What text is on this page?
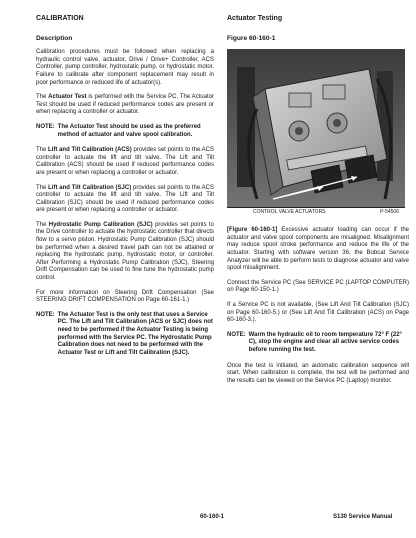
CALIBRATION
Description

Calibration procedures must be followed when replacing a hydraulic control valve, actuator, Drive / Drive+ Controller, ACS Controller, pump controller, hydrostatic pump, or hydrostatic motor. Failure to calibrate after component replacement may result in poor performance or reduced life of actuator(s).

The Actuator Test is performed with the Service PC. The Actuator Test should be used if reduced performance codes are present or when replacing a controller or actuator.

NOTE: The Actuator Test should be used as the preferred method of actuator and valve spool calibration.

The Lift and Tilt Calibration (ACS) provides set points to the ACS controller to actuate the lift and tilt valve. The Lift and Tilt Calibration (ACS) should be used if reduced performance codes are present or when replacing a controller or actuator.

The Lift and Tilt Calibration (SJC) provides set points to the ACS controller to actuate the lift and tilt valve. The Lift and Tilt Calibration (SJC) should be used if reduced performance codes are present or when replacing a controller or actuator.

The Hydrostatic Pump Calibration (SJC) provides set points to the Drive controller to actuate the hydrostatic controller that directs flow to a servo piston. Hydrostatic Pump Calibration (SJC) should be performed when a desired travel path can not be attained or replacing the hydrostatic pump, hydrostatic motor, or controller. After Performing a Hydrostatic Pump Calibration (SJC), Steering Drift Compensation can be used to fine tune the hydrostatic pump control.

For more information on Steering Drift Compensation (See STEERING DRIFT COMPENSATION on Page 60-161-1.)

NOTE: The Actuator Test is the only test that uses a Service PC. The Lift and Tilt Calibration (ACS or SJC) does not need to be performed if the Actuator Testing is being performed with the Service PC. The Hydrostatic Pump Calibration does not need to be performed with the Actuator Test or Lift and Tilt Calibration (SJC).
Actuator Testing
Figure 60-160-1
CONTROL VALVE ACTUATORS	P-54506

[Figure 60-160-1] Excessive actuator loading can occur if the actuator and valve spool components are misaligned. Misalignment may reduce spool stroke performance and reduce the life of the actuator. Starting with software version 36, the Bobcat Service Analyzer will be able to perform tests to diagnose actuator and valve spool misalignment.

Connect the Service PC (See SERVICE PC (LAPTOP COMPUTER) on Page 60-150-1.)

If a Service PC is not available, (See Lift And Tilt Calibration (SJC) on Page 60-160-5.) or (See Lift And Tilt Calibration (ACS) on Page 60-160-3.).

NOTE: Warm the hydraulic oil to room temperature 72° F (22° C), stop the engine and clear all active service codes before running the test.

Once the test is initiated, an automatic calibration sequence will start. When calibration is complete, the test will be performed and the results can be viewed on the Service PC (Laptop) monitor.

60-160-1	S130 Service Manual
